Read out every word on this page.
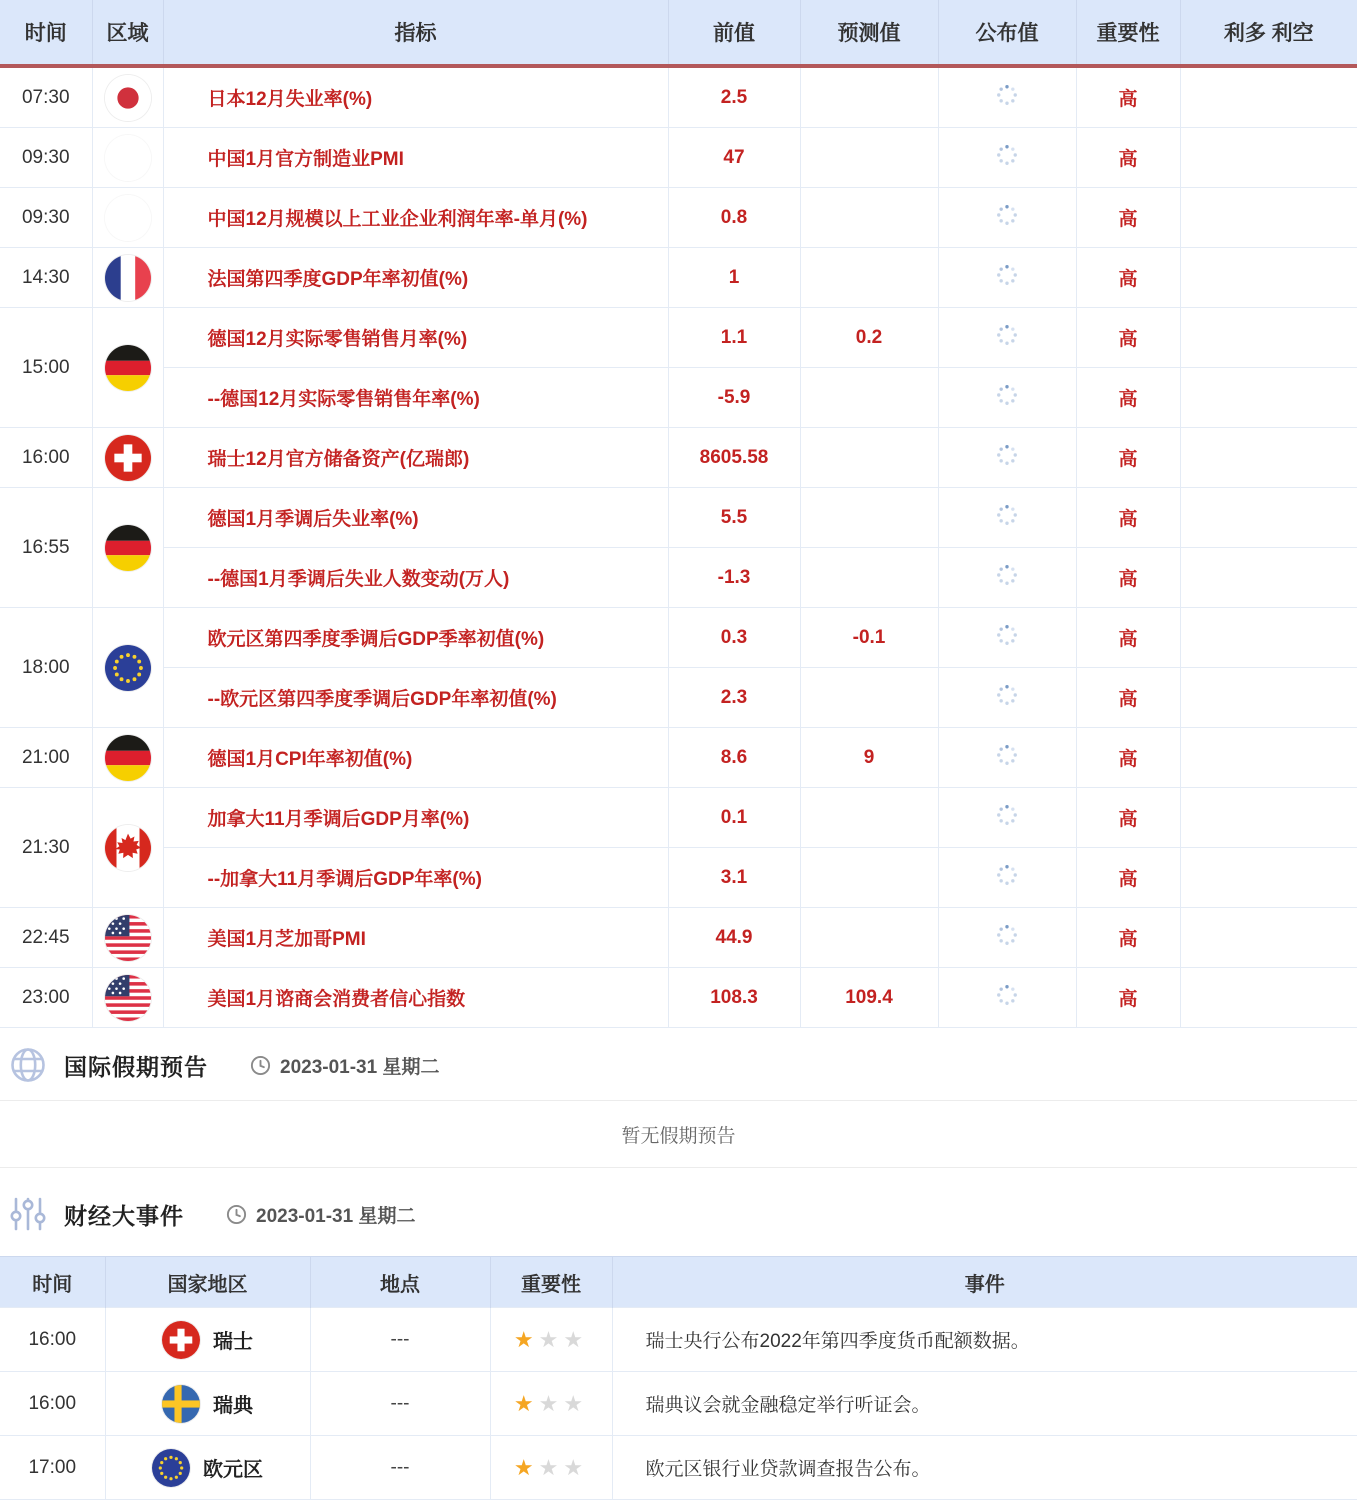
时间	区域	指标	前值	预测值	公布值	重要性	利多 利空
07:30		日本12月失业率(%)	2.5			高	
09:30		中国1月官方制造业PMI	47			高	
09:30		中国12月规模以上工业企业利润年率-单月(%)	0.8			高	
14:30		法国第四季度GDP年率初值(%)	1			高	
15:00		德国12月实际零售销售月率(%)	1.1	0.2		高	
		--德国12月实际零售销售年率(%)	-5.9			高	
16:00		瑞士12月官方储备资产(亿瑞郎)	8605.58			高	
16:55		德国1月季调后失业率(%)	5.5			高	
		--德国1月季调后失业人数变动(万人)	-1.3			高	
18:00		欧元区第四季度季调后GDP季率初值(%)	0.3	-0.1		高	
		--欧元区第四季度季调后GDP年率初值(%)	2.3			高	
21:00		德国1月CPI年率初值(%)	8.6	9		高	
21:30		加拿大11月季调后GDP月率(%)	0.1			高	
		--加拿大11月季调后GDP年率(%)	3.1			高	
22:45		美国1月芝加哥PMI	44.9			高	
23:00		美国1月谘商会消费者信心指数	108.3	109.4		高	
国际假期预告	2023-01-31 星期二
暂无假期预告
财经大事件	2023-01-31 星期二
时间	国家地区	地点	重要性	事件
16:00	瑞士	---	★★★	瑞士央行公布2022年第四季度货币配额数据。
16:00	瑞典	---	★★★	瑞典议会就金融稳定举行听证会。
17:00	欧元区	---	★★★	欧元区银行业贷款调查报告公布。
